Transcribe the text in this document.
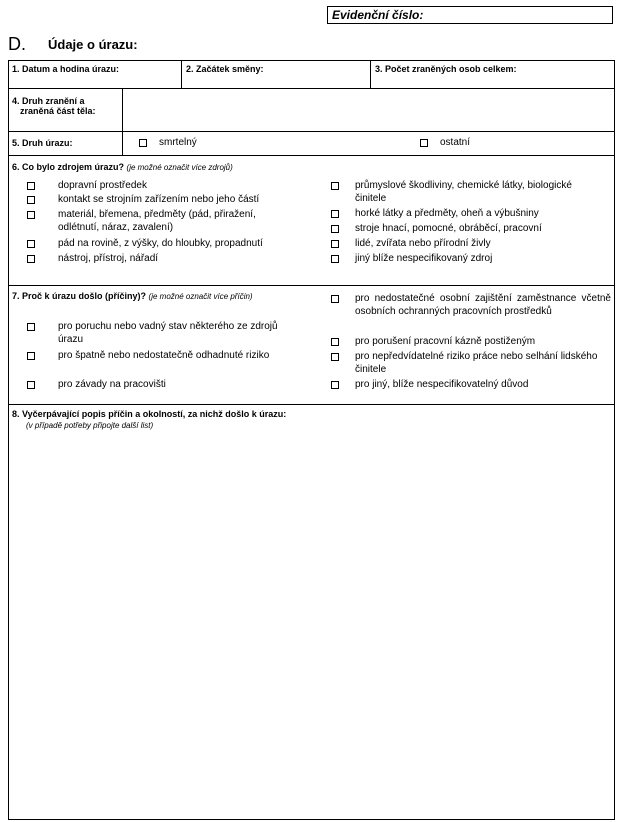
Evidenční číslo:
D. Údaje o úrazu:
1. Datum a hodina úrazu:	2. Začátek směny:	3. Počet zraněných osob celkem:
4. Druh zranění a
zraněná část těla:
5. Druh úrazu:	smrtelný	ostatní
6. Co bylo zdrojem úrazu? (je možné označit více zdrojů)
dopravní prostředek
kontakt se strojním zařízením nebo jeho částí
materiál, břemena, předměty (pád, přiražení, odlétnutí, náraz, zavalení)
pád na rovině, z výšky, do hloubky, propadnutí
nástroj, přístroj, nářadí
průmyslové škodliviny, chemické látky, biologické činitele
horké látky a předměty, oheň a výbušniny
stroje hnací, pomocné, obráběcí, pracovní
lidé, zvířata nebo přírodní živly
jiný blíže nespecifikovaný zdroj
7. Proč k úrazu došlo (příčiny)? (je možné označit více příčin)
pro poruchu nebo vadný stav některého ze zdrojů úrazu
pro špatně nebo nedostatečně odhadnuté riziko
pro závady na pracovišti
pro nedostatečné osobní zajištění zaměstnance včetně osobních ochranných pracovních prostředků
pro porušení pracovní kázně postiženým
pro nepředvídatelné riziko práce nebo selhání lidského činitele
pro jiný, blíže nespecifikovatelný důvod
8. Vyčerpávající popis příčin a okolností, za nichž došlo k úrazu:
(v případě potřeby připojte další list)
